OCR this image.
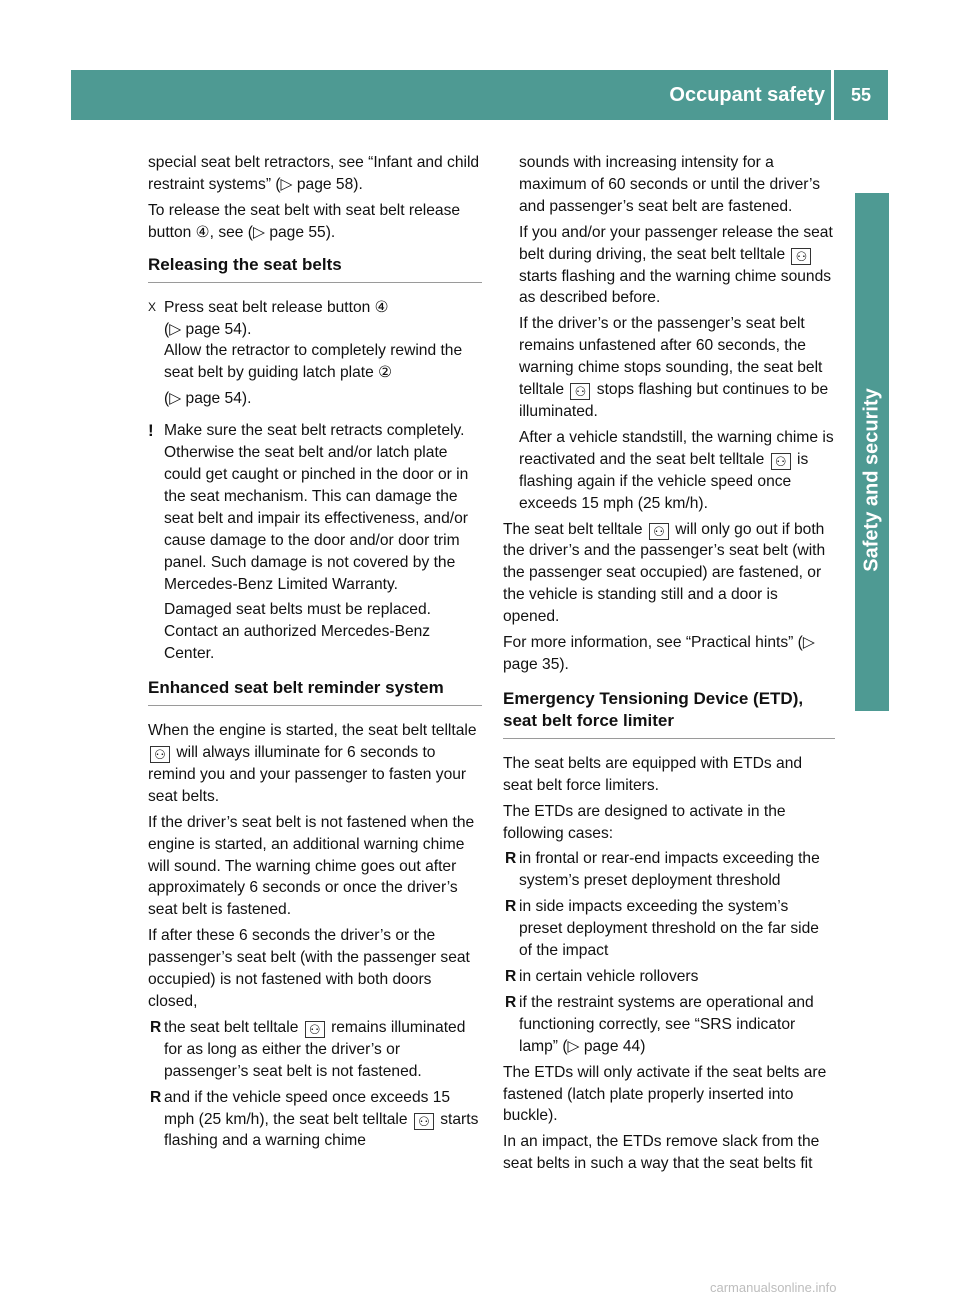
Occupant safety	55
Safety and security
special seat belt retractors, see “Infant and child restraint systems” (▷ page 58).
To release the seat belt with seat belt release button ④, see (▷ page 55).
Releasing the seat belts
X Press seat belt release button ④
(▷ page 54).
Allow the retractor to completely rewind the seat belt by guiding latch plate ②
(▷ page 54).
! Make sure the seat belt retracts completely. Otherwise the seat belt and/or latch plate could get caught or pinched in the door or in the seat mechanism. This can damage the seat belt and impair its effectiveness, and/or cause damage to the door and/or door trim panel. Such damage is not covered by the Mercedes-Benz Limited Warranty.
Damaged seat belts must be replaced. Contact an authorized Mercedes-Benz Center.
Enhanced seat belt reminder system
When the engine is started, the seat belt telltale ⚇ will always illuminate for 6 seconds to remind you and your passenger to fasten your seat belts.
If the driver’s seat belt is not fastened when the engine is started, an additional warning chime will sound. The warning chime goes out after approximately 6 seconds or once the driver’s seat belt is fastened.
If after these 6 seconds the driver’s or the passenger’s seat belt (with the passenger seat occupied) is not fastened with both doors closed,
R the seat belt telltale ⚇ remains illuminated for as long as either the driver’s or passenger’s seat belt is not fastened.
R and if the vehicle speed once exceeds 15 mph (25 km/h), the seat belt telltale ⚇ starts flashing and a warning chime
sounds with increasing intensity for a maximum of 60 seconds or until the driver’s and passenger’s seat belt are fastened.
If you and/or your passenger release the seat belt during driving, the seat belt telltale ⚇ starts flashing and the warning chime sounds as described before.
If the driver’s or the passenger’s seat belt remains unfastened after 60 seconds, the warning chime stops sounding, the seat belt telltale ⚇ stops flashing but continues to be illuminated.
After a vehicle standstill, the warning chime is reactivated and the seat belt telltale ⚇ is flashing again if the vehicle speed once exceeds 15 mph (25 km/h).
The seat belt telltale ⚇ will only go out if both the driver’s and the passenger’s seat belt (with the passenger seat occupied) are fastened, or the vehicle is standing still and a door is opened.
For more information, see “Practical hints” (▷ page 35).
Emergency Tensioning Device (ETD), seat belt force limiter
The seat belts are equipped with ETDs and seat belt force limiters.
The ETDs are designed to activate in the following cases:
R in frontal or rear-end impacts exceeding the system’s preset deployment threshold
R in side impacts exceeding the system’s preset deployment threshold on the far side of the impact
R in certain vehicle rollovers
R if the restraint systems are operational and functioning correctly, see “SRS indicator lamp” (▷ page 44)
The ETDs will only activate if the seat belts are fastened (latch plate properly inserted into buckle).
In an impact, the ETDs remove slack from the seat belts in such a way that the seat belts fit
carmanualsonline.info
